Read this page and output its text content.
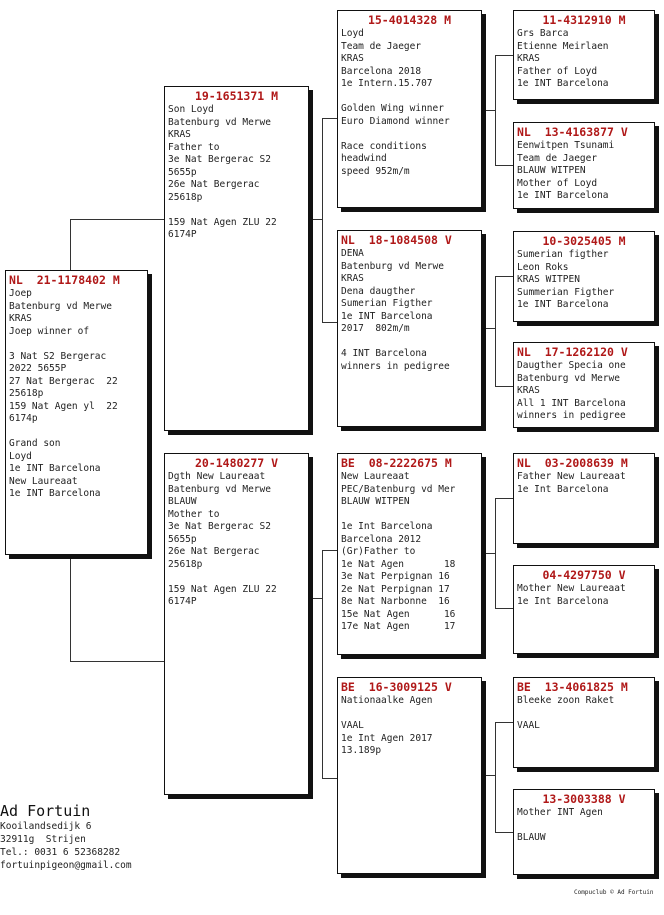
NL  21-1178402 M
Joep
Batenburg vd Merwe
KRAS
Joep winner of
3 Nat S2 Bergerac
2022 5655P
27 Nat Bergerac  22
25618p
159 Nat Agen yl  22
6174p
Grand son
Loyd
1e INT Barcelona
New Laureaat
1e INT Barcelona
19-1651371 M
Son Loyd
Batenburg vd Merwe
KRAS
Father to
3e Nat Bergerac S2
5655p
26e Nat Bergerac
25618p
159 Nat Agen ZLU 22
6174P
20-1480277 V
Dgth New Laureaat
Batenburg vd Merwe
BLAUW
Mother to
3e Nat Bergerac S2
5655p
26e Nat Bergerac
25618p
159 Nat Agen ZLU 22
6174P
15-4014328 M
Loyd
Team de Jaeger
KRAS
Barcelona 2018
1e Intern.15.707
Golden Wing winner
Euro Diamond winner
Race conditions
headwind
speed 952m/m
NL  18-1084508 V
DENA
Batenburg vd Merwe
KRAS
Dena daugther
Sumerian Figther
1e INT Barcelona
2017  802m/m
4 INT Barcelona
winners in pedigree
BE  08-2222675 M
New Laureaat
PEC/Batenburg vd Mer
BLAUW WITPEN
1e Int Barcelona
Barcelona 2012
(Gr)Father to
1e Nat Agen       18
3e Nat Perpignan 16
2e Nat Perpignan 17
8e Nat Narbonne  16
15e Nat Agen      16
17e Nat Agen      17
BE  16-3009125 V
Nationaalke Agen
VAAL
1e Int Agen 2017
13.189p
11-4312910 M
Grs Barca
Etienne Meirlaen
KRAS
Father of Loyd
1e INT Barcelona
NL  13-4163877 V
Eenwitpen Tsunami
Team de Jaeger
BLAUW WITPEN
Mother of Loyd
1e INT Barcelona
10-3025405 M
Sumerian figther
Leon Roks
KRAS WITPEN
Summerian Figther
1e INT Barcelona
NL  17-1262120 V
Daugther Specia one
Batenburg vd Merwe
KRAS
All 1 INT Barcelona
winners in pedigree
NL  03-2008639 M
Father New Laureaat
1e Int Barcelona
04-4297750 V
Mother New Laureaat
1e Int Barcelona
BE  13-4061825 M
Bleeke zoon Raket
VAAL
13-3003388 V
Mother INT Agen
BLAUW
Ad Fortuin
Kooilandsedijk 6
32911g  Strijen
Tel.: 0031 6 52368282
fortuinpigeon@gmail.com
Compuclub © Ad Fortuin
